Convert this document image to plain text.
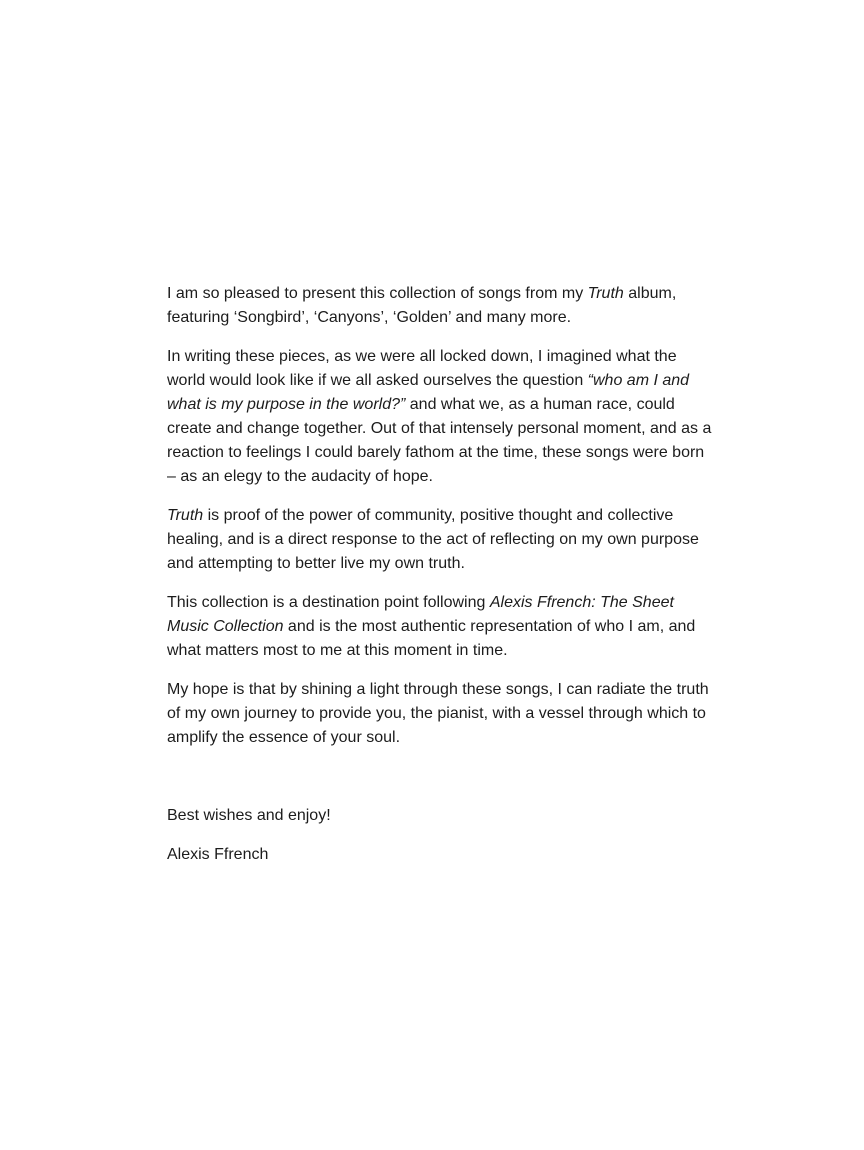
I am so pleased to present this collection of songs from my Truth album, featuring ‘Songbird’, ‘Canyons’, ‘Golden’ and many more.

In writing these pieces, as we were all locked down, I imagined what the world would look like if we all asked ourselves the question “who am I and what is my purpose in the world?” and what we, as a human race, could create and change together. Out of that intensely personal moment, and as a reaction to feelings I could barely fathom at the time, these songs were born – as an elegy to the audacity of hope.

Truth is proof of the power of community, positive thought and collective healing, and is a direct response to the act of reflecting on my own purpose and attempting to better live my own truth.

This collection is a destination point following Alexis Ffrench: The Sheet Music Collection and is the most authentic representation of who I am, and what matters most to me at this moment in time.

My hope is that by shining a light through these songs, I can radiate the truth of my own journey to provide you, the pianist, with a vessel through which to amplify the essence of your soul.

Best wishes and enjoy!

Alexis Ffrench
